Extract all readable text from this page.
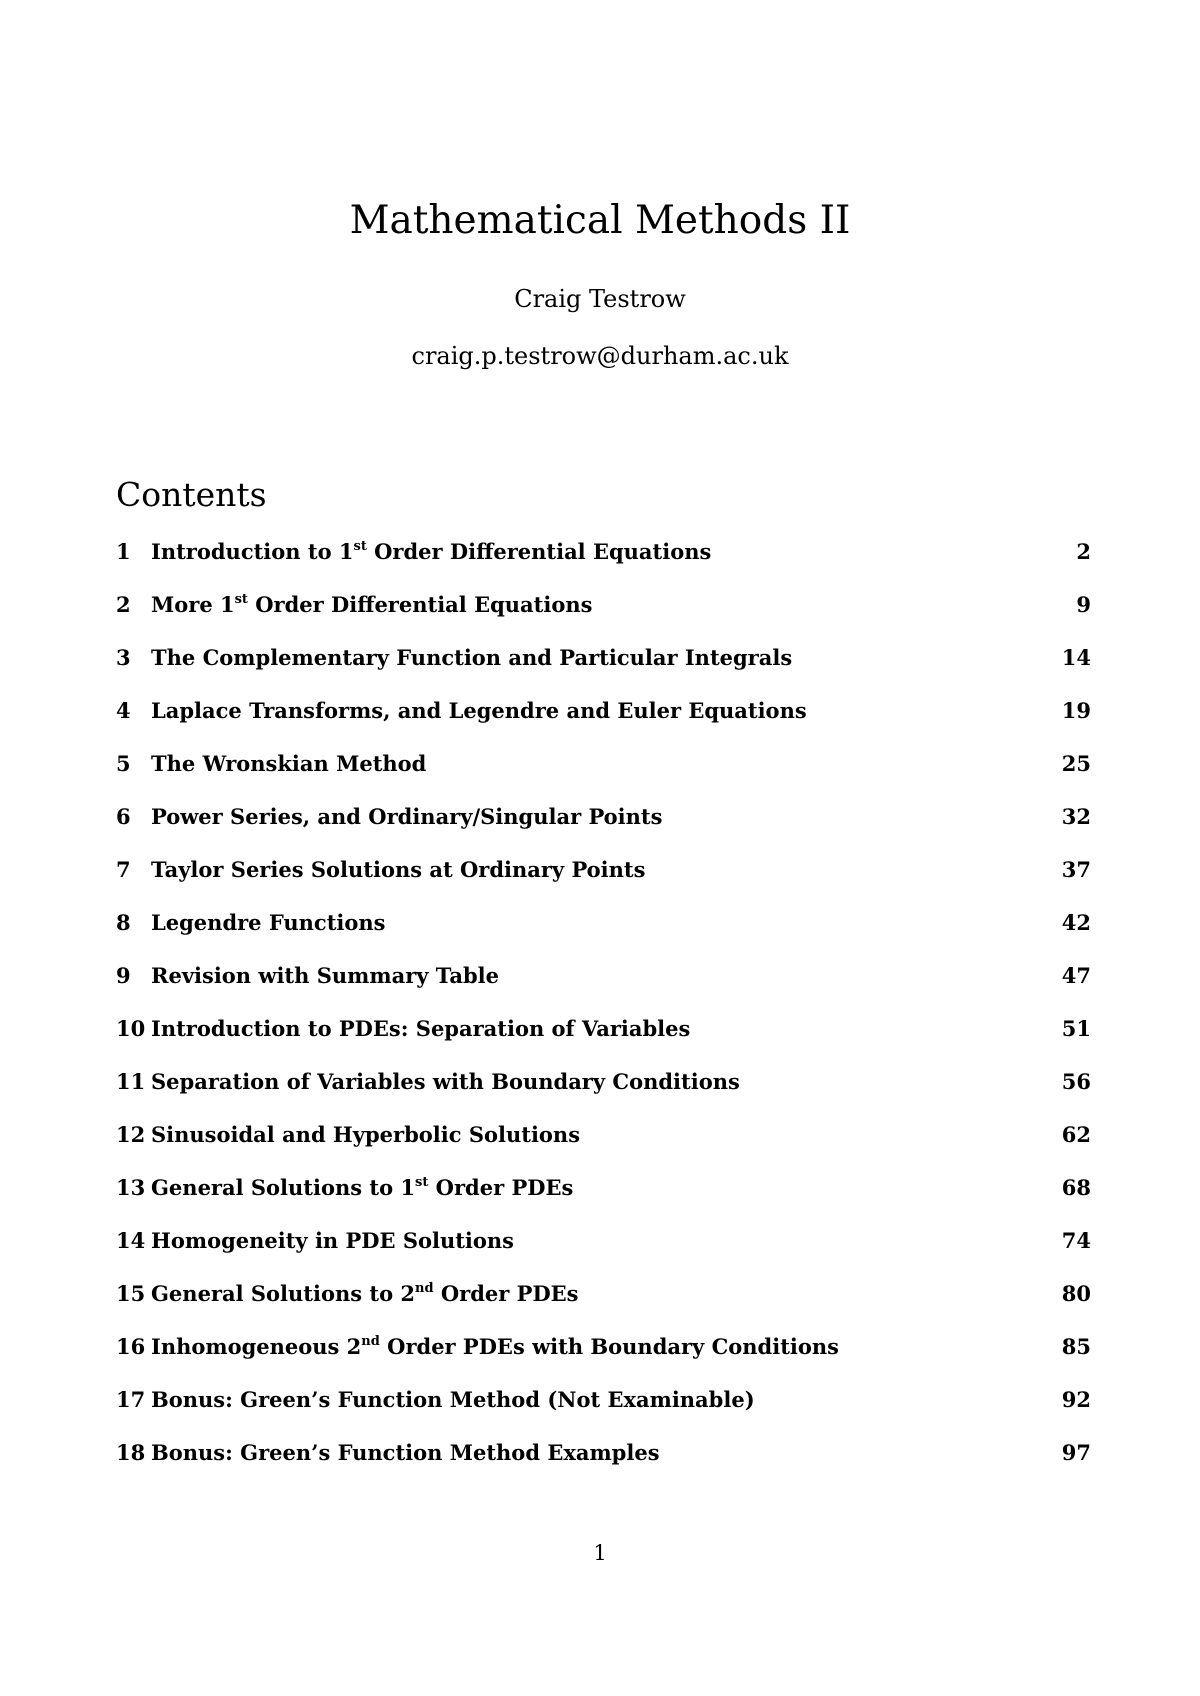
Mathematical Methods II
Craig Testrow
craig.p.testrow@durham.ac.uk
Contents
1 Introduction to 1st Order Differential Equations	2
2 More 1st Order Differential Equations	9
3 The Complementary Function and Particular Integrals	14
4 Laplace Transforms, and Legendre and Euler Equations	19
5 The Wronskian Method	25
6 Power Series, and Ordinary/Singular Points	32
7 Taylor Series Solutions at Ordinary Points	37
8 Legendre Functions	42
9 Revision with Summary Table	47
10 Introduction to PDEs: Separation of Variables	51
11 Separation of Variables with Boundary Conditions	56
12 Sinusoidal and Hyperbolic Solutions	62
13 General Solutions to 1st Order PDEs	68
14 Homogeneity in PDE Solutions	74
15 General Solutions to 2nd Order PDEs	80
16 Inhomogeneous 2nd Order PDEs with Boundary Conditions	85
17 Bonus: Green’s Function Method (Not Examinable)	92
18 Bonus: Green’s Function Method Examples	97
1
